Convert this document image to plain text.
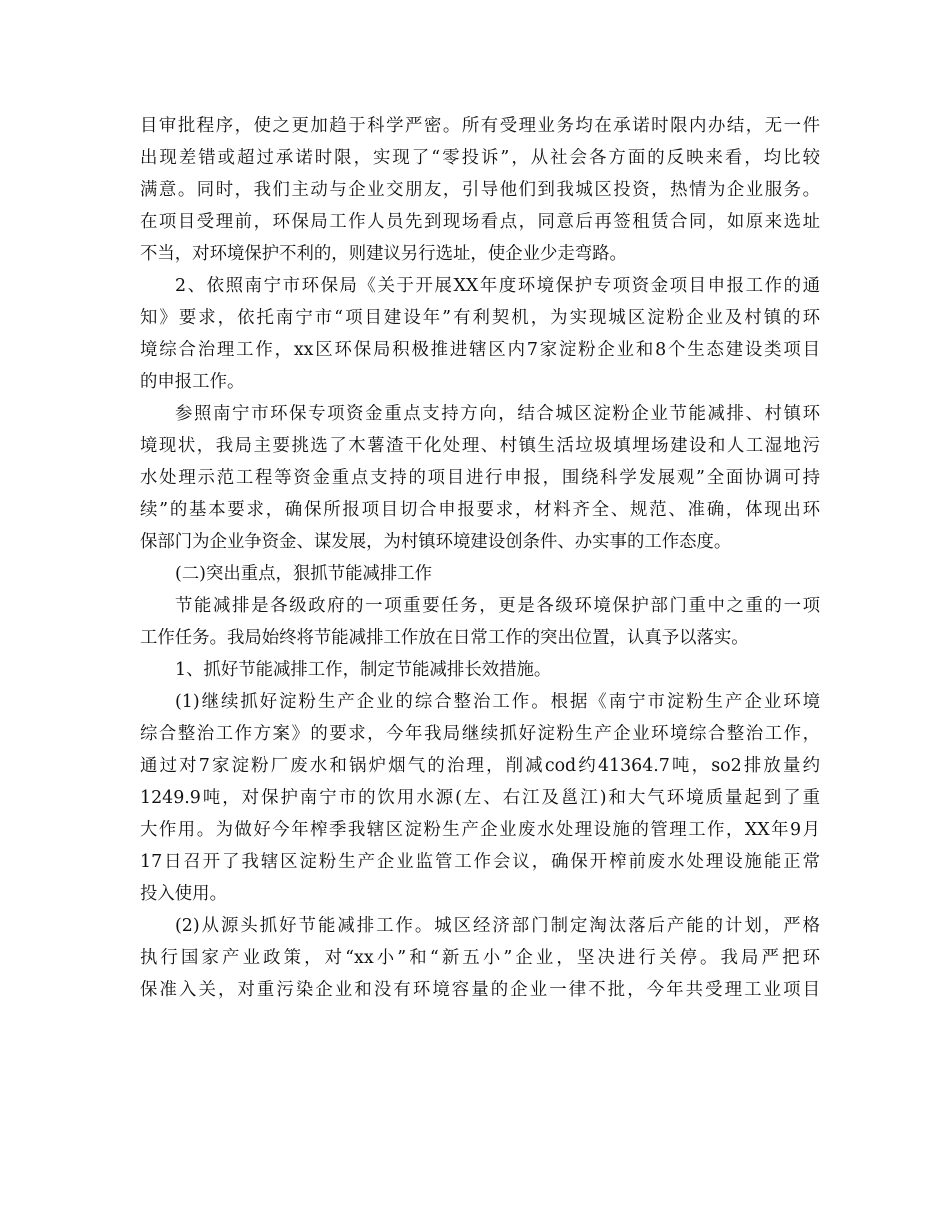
目审批程序，使之更加趋于科学严密。所有受理业务均在承诺时限内办结，无一件
出现差错或超过承诺时限，实现了“零投诉”，从社会各方面的反映来看，均比较
满意。同时，我们主动与企业交朋友，引导他们到我城区投资，热情为企业服务。
在项目受理前，环保局工作人员先到现场看点，同意后再签租赁合同，如原来选址
不当，对环境保护不利的，则建议另行选址，使企业少走弯路。
2、依照南宁市环保局《关于开展XX年度环境保护专项资金项目申报工作的通
知》要求，依托南宁市“项目建设年”有利契机，为实现城区淀粉企业及村镇的环
境综合治理工作，xx区环保局积极推进辖区内7家淀粉企业和8个生态建设类项目
的申报工作。
参照南宁市环保专项资金重点支持方向，结合城区淀粉企业节能减排、村镇环
境现状，我局主要挑选了木薯渣干化处理、村镇生活垃圾填埋场建设和人工湿地污
水处理示范工程等资金重点支持的项目进行申报，围绕科学发展观”全面协调可持
续”的基本要求，确保所报项目切合申报要求，材料齐全、规范、准确，体现出环
保部门为企业争资金、谋发展，为村镇环境建设创条件、办实事的工作态度。
(二)突出重点，狠抓节能减排工作
节能减排是各级政府的一项重要任务，更是各级环境保护部门重中之重的一项
工作任务。我局始终将节能减排工作放在日常工作的突出位置，认真予以落实。
1、抓好节能减排工作，制定节能减排长效措施。
(1)继续抓好淀粉生产企业的综合整治工作。根据《南宁市淀粉生产企业环境
综合整治工作方案》的要求，今年我局继续抓好淀粉生产企业环境综合整治工作，
通过对7家淀粉厂废水和锅炉烟气的治理，削减cod约41364.7吨，so2排放量约
1249.9吨，对保护南宁市的饮用水源(左、右江及邕江)和大气环境质量起到了重
大作用。为做好今年榨季我辖区淀粉生产企业废水处理设施的管理工作，XX年9月
17日召开了我辖区淀粉生产企业监管工作会议，确保开榨前废水处理设施能正常
投入使用。
(2)从源头抓好节能减排工作。城区经济部门制定淘汰落后产能的计划，严格
执行国家产业政策，对“xx小”和“新五小”企业，坚决进行关停。我局严把环
保准入关，对重污染企业和没有环境容量的企业一律不批，今年共受理工业项目
